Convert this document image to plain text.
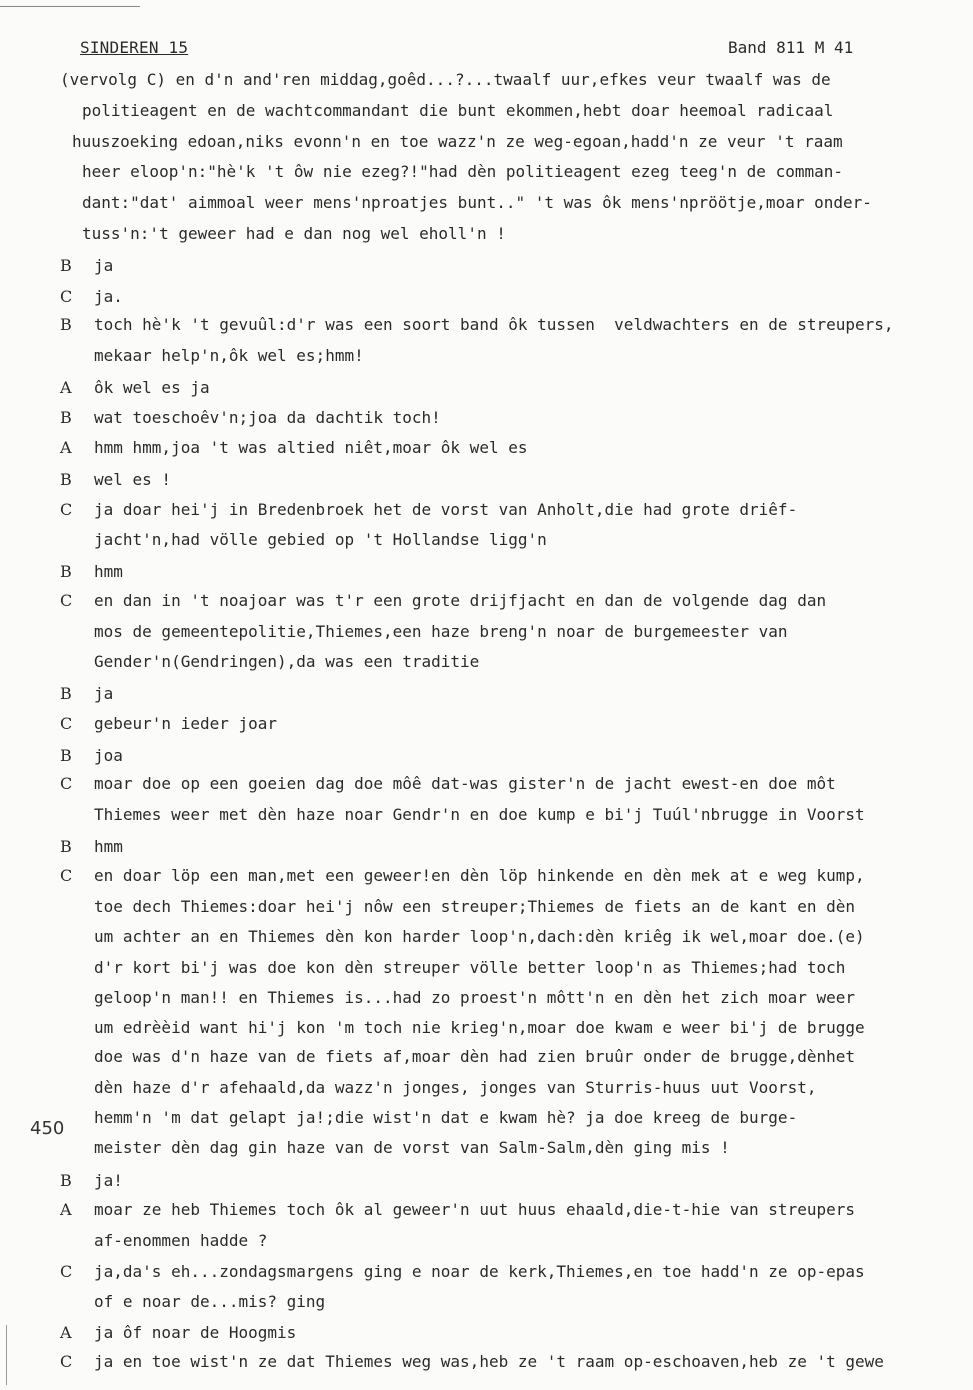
SINDEREN 15	Band 811 M 41
450
(vervolg C) en d'n and'ren middag,goêd...?...twaalf uur,efkes veur twaalf was de
politieagent en de wachtcommandant die bunt ekommen,hebt doar heemoal radicaal
huuszoeking edoan,niks evonn'n en toe wazz'n ze weg-egoan,hadd'n ze veur 't raam
heer eloop'n:"hè'k 't ôw nie ezeg?!"had dèn politieagent ezeg teeg'n de comman-
dant:"dat' aimmoal weer mens'nproatjes bunt.." 't was ôk mens'npröötje,moar onder-
tuss'n:'t geweer had e dan nog wel eholl'n !
B	ja
C	ja.
B	toch hè'k 't gevuûl:d'r was een soort band ôk tussen  veldwachters en de streupers,
mekaar help'n,ôk wel es;hmm!
A	ôk wel es ja
B	wat toeschoêv'n;joa da dachtik toch!
A	hmm hmm,joa 't was altied niêt,moar ôk wel es
B	wel es !
C	ja doar hei'j in Bredenbroek het de vorst van Anholt,die had grote driêf-
jacht'n,had völle gebied op 't Hollandse ligg'n
B	hmm
C	en dan in 't noajoar was t'r een grote drijfjacht en dan de volgende dag dan
mos de gemeentepolitie,Thiemes,een haze breng'n noar de burgemeester van
Gender'n(Gendringen),da was een traditie
B	ja
C	gebeur'n ieder joar
B	joa
C	moar doe op een goeien dag doe môê dat-was gister'n de jacht ewest-en doe môt
Thiemes weer met dèn haze noar Gendr'n en doe kump e bi'j Tuúl'nbrugge in Voorst
B	hmm
C	en doar löp een man,met een geweer!en dèn löp hinkende en dèn mek at e weg kump,
toe dech Thiemes:doar hei'j nôw een streuper;Thiemes de fiets an de kant en dèn
um achter an en Thiemes dèn kon harder loop'n,dach:dèn kriêg ik wel,moar doe.(e)
d'r kort bi'j was doe kon dèn streuper völle better loop'n as Thiemes;had toch
geloop'n man!! en Thiemes is...had zo proest'n môtt'n en dèn het zich moar weer
um edrèèid want hi'j kon 'm toch nie krieg'n,moar doe kwam e weer bi'j de brugge
doe was d'n haze van de fiets af,moar dèn had zien bruûr onder de brugge,dènhet
dèn haze d'r afehaald,da wazz'n jonges, jonges van Sturris-huus uut Voorst,
hemm'n 'm dat gelapt ja!;die wist'n dat e kwam hè? ja doe kreeg de burge-
meister dèn dag gin haze van de vorst van Salm-Salm,dèn ging mis !
B	ja!
A	moar ze heb Thiemes toch ôk al geweer'n uut huus ehaald,die-t-hie van streupers
af-enommen hadde ?
C	ja,da's eh...zondagsmargens ging e noar de kerk,Thiemes,en toe hadd'n ze op-epas
of e noar de...mis? ging
A	ja ôf noar de Hoogmis
C	ja en toe wist'n ze dat Thiemes weg was,heb ze 't raam op-eschoaven,heb ze 't gewe
